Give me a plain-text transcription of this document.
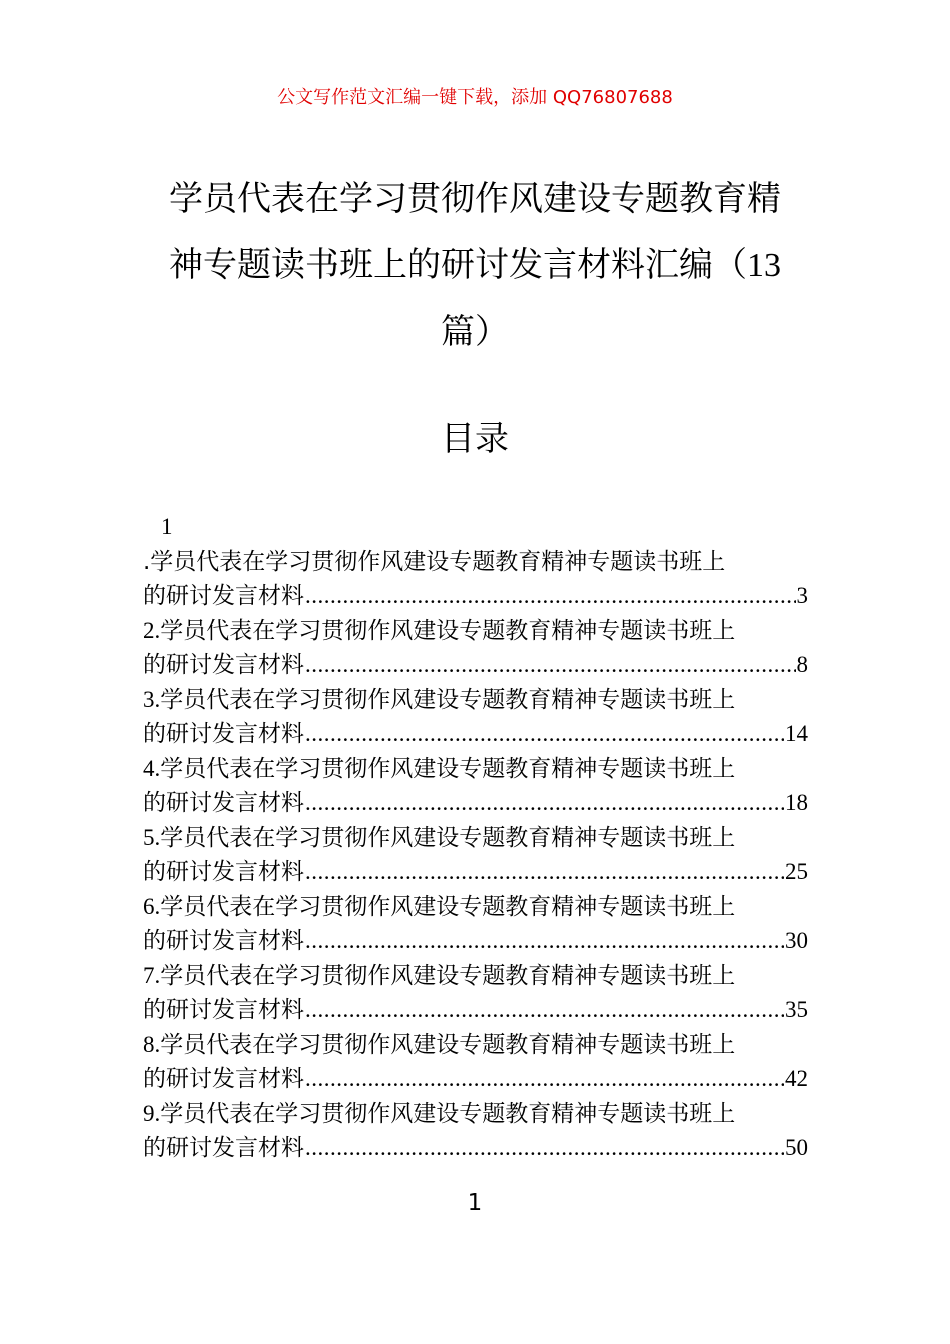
公文写作范文汇编一键下载，添加 QQ76807688
学员代表在学习贯彻作风建设专题教育精
神专题读书班上的研讨发言材料汇编（13
篇）
目录
1
.学员代表在学习贯彻作风建设专题教育精神专题读书班上
的研讨发言材料 .....	3
2.学员代表在学习贯彻作风建设专题教育精神专题读书班上
的研讨发言材料 .....	8
3.学员代表在学习贯彻作风建设专题教育精神专题读书班上
的研讨发言材料 .....	14
4.学员代表在学习贯彻作风建设专题教育精神专题读书班上
的研讨发言材料 .....	18
5.学员代表在学习贯彻作风建设专题教育精神专题读书班上
的研讨发言材料 .....	25
6.学员代表在学习贯彻作风建设专题教育精神专题读书班上
的研讨发言材料 .....	30
7.学员代表在学习贯彻作风建设专题教育精神专题读书班上
的研讨发言材料 .....	35
8.学员代表在学习贯彻作风建设专题教育精神专题读书班上
的研讨发言材料 .....	42
9.学员代表在学习贯彻作风建设专题教育精神专题读书班上
的研讨发言材料 .....	50
1
